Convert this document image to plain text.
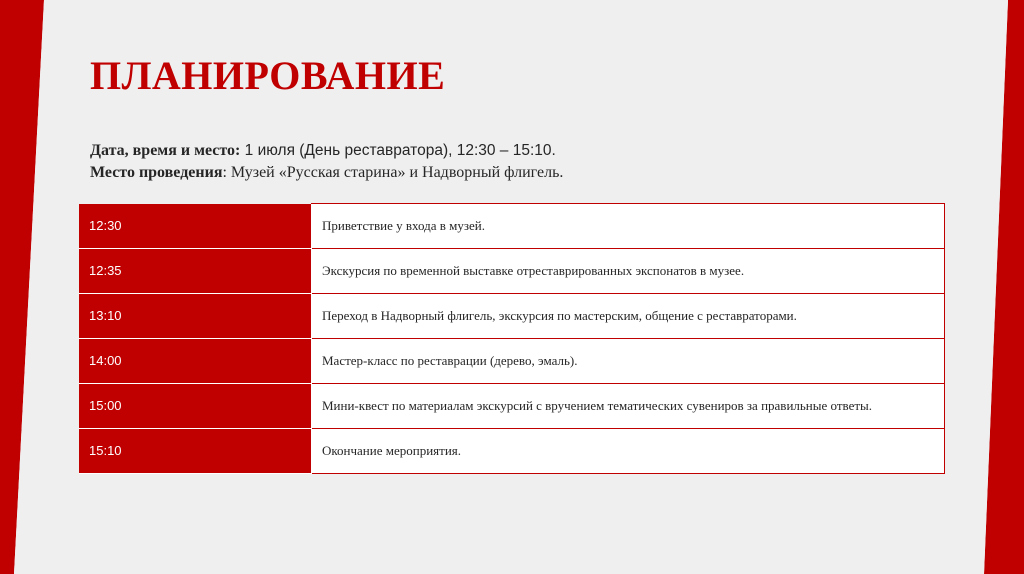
ПЛАНИРОВАНИЕ
Дата, время и место: 1 июля (День реставратора), 12:30 – 15:10.
Место проведения: Музей «Русская старина» и Надворный флигель.
12:30	Приветствие у входа в музей.
12:35	Экскурсия по временной выставке отреставрированных экспонатов в музее.
13:10	Переход в Надворный флигель, экскурсия по мастерским, общение с реставраторами.
14:00	Мастер-класс по реставрации (дерево, эмаль).
15:00	Мини-квест по материалам экскурсий с вручением тематических сувениров за правильные ответы.
15:10	Окончание мероприятия.
